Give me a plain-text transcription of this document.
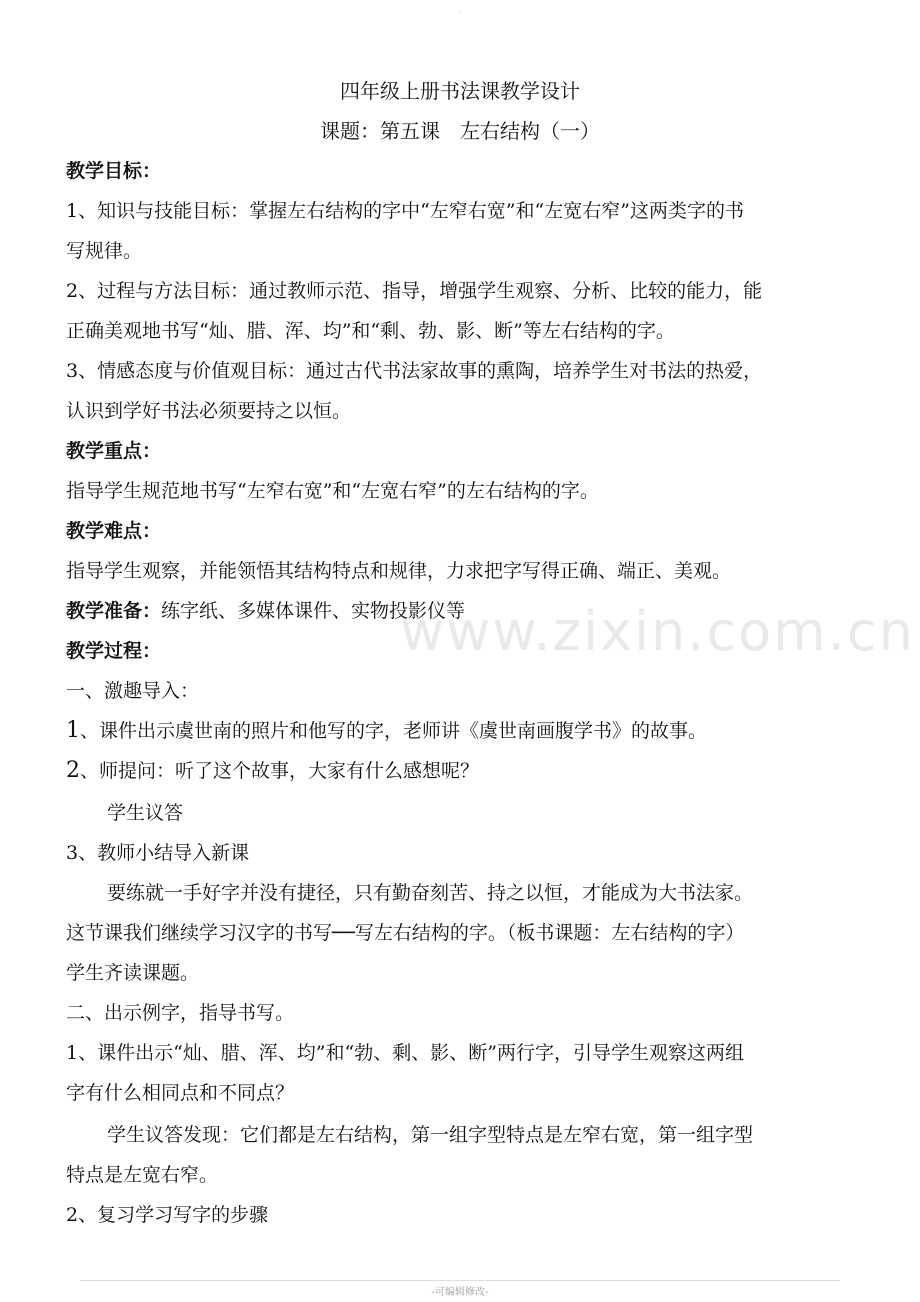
.
四年级上册书法课教学设计
课题：第五课　左右结构（一）
教学目标：
1、知识与技能目标：掌握左右结构的字中“左窄右宽”和“左宽右窄”这两类字的书
写规律。
2、过程与方法目标：通过教师示范、指导，增强学生观察、分析、比较的能力，能
正确美观地书写“灿、腊、浑、均”和“剩、勃、影、断”等左右结构的字。
3、情感态度与价值观目标：通过古代书法家故事的熏陶，培养学生对书法的热爱，
认识到学好书法必须要持之以恒。
教学重点：
指导学生规范地书写“左窄右宽”和“左宽右窄”的左右结构的字。
教学难点：
指导学生观察，并能领悟其结构特点和规律，力求把字写得正确、端正、美观。
教学准备：练字纸、多媒体课件、实物投影仪等
www.zixin.com.cn
教学过程：
一、激趣导入：
1、课件出示虞世南的照片和他写的字，老师讲《虞世南画腹学书》的故事。
2、师提问：听了这个故事，大家有什么感想呢？
学生议答
3、教师小结导入新课
要练就一手好字并没有捷径，只有勤奋刻苦、持之以恒，才能成为大书法家。
这节课我们继续学习汉字的书写──写左右结构的字。（板书课题：左右结构的字）
学生齐读课题。
二、出示例字，指导书写。
1、课件出示“灿、腊、浑、均”和“勃、剩、影、断”两行字，引导学生观察这两组
字有什么相同点和不同点？
学生议答发现：它们都是左右结构，第一组字型特点是左窄右宽，第一组字型
特点是左宽右窄。
2、复习学习写字的步骤
-可编辑修改-
